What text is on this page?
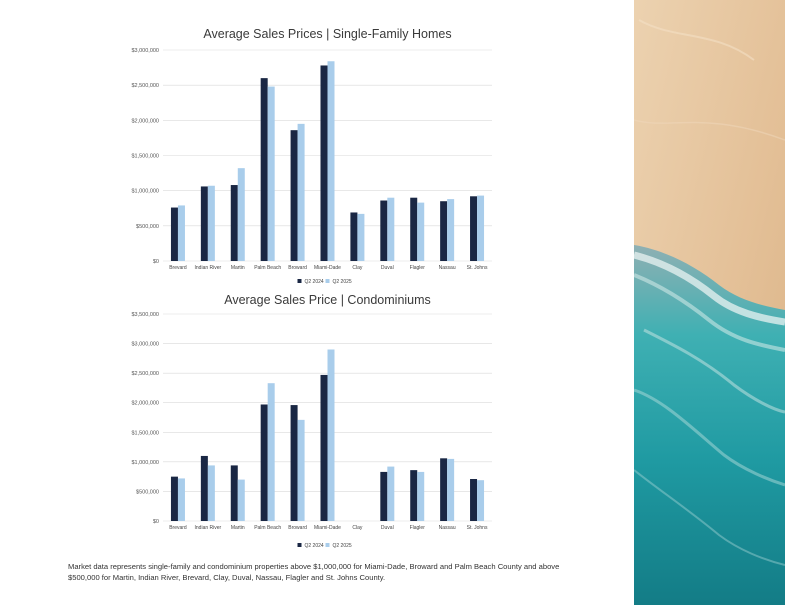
Average Sales Prices | Single-Family Homes
$0
$500,000
$1,000,000
$1,500,000
$2,000,000
$2,500,000
$3,000,000
Brevard Indian River Martin Palm Beach Broward Miami-Dade Clay	Duval	Flagler	Nassau St. Johns
Q2 2024 Q2 2025
Average Sales Price | Condominiums
$0
$500,000
$1,000,000
$1,500,000
$2,000,000
$2,500,000
$3,000,000
$3,500,000
Brevard Indian River Martin Palm Beach Broward Miami-Dade Clay	Duval	Flagler	Nassau St. Johns
Q2 2024 Q2 2025
Market data represents single-family and condominium properties above $1,000,000 for Miami-Dade, Broward and Palm Beach County and above $500,000 for Martin, Indian River, Brevard, Clay, Duval, Nassau, Flagler and St. Johns County.
